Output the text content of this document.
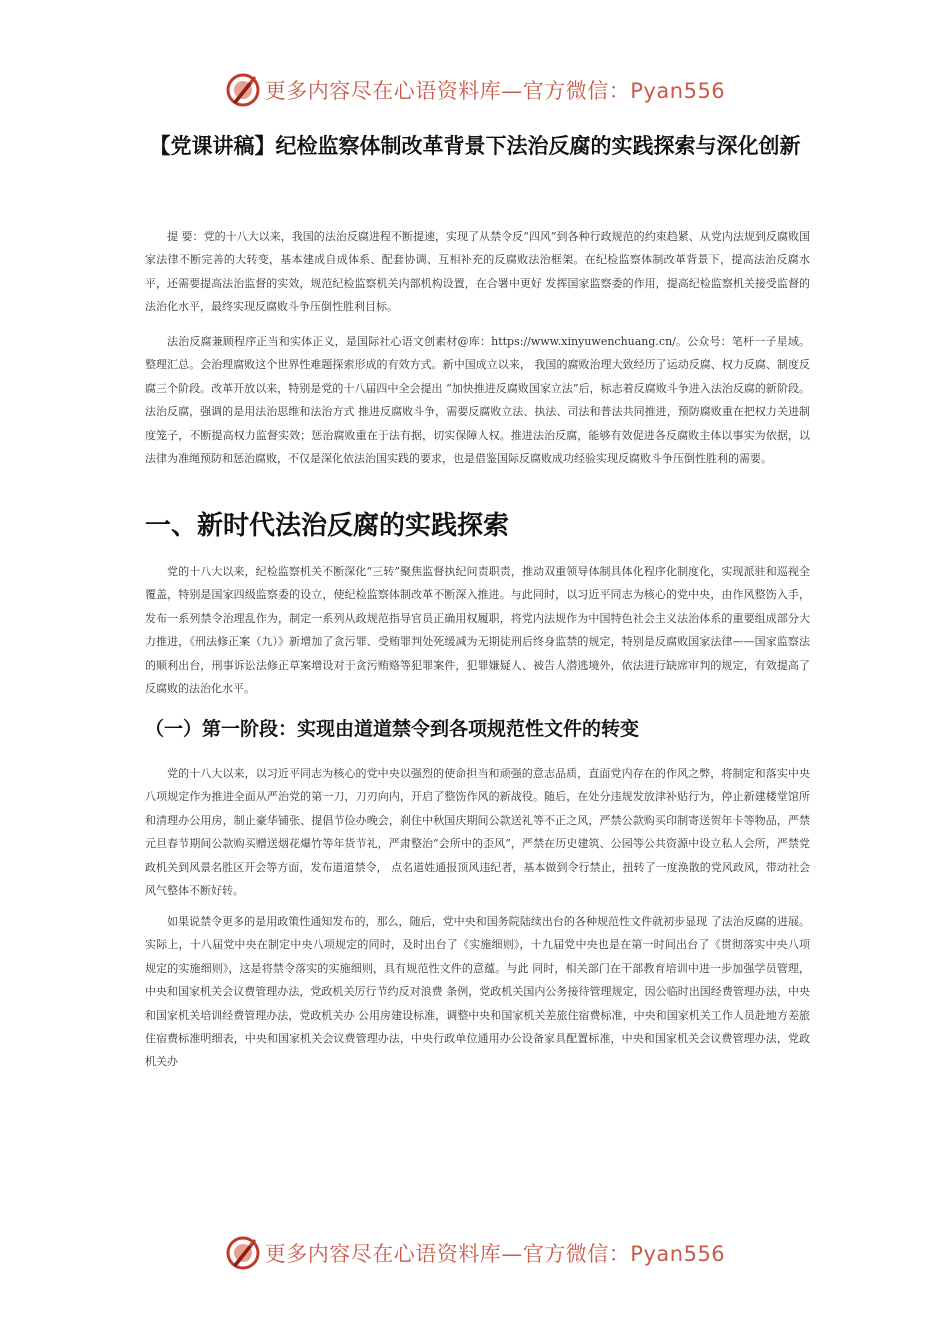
更多内容尽在心语资料库—官方微信：Pyan556
【党课讲稿】纪检监察体制改革背景下法治反腐的实践探索与深化创新

提 要：党的十八大以来，我国的法治反腐进程不断提速，实现了从禁令反“四风”到各种行政规范的约束趋紧、从党内法规到反腐败国家法律不断完善的大转变，基本建成自成体系、配套协调、互相补充的反腐败法治框架。在纪检监察体制改革背景下，提高法治反腐水平，还需要提高法治监督的实效，规范纪检监察机关内部机构设置，在合署中更好 发挥国家监察委的作用，提高纪检监察机关接受监督的法治化水平，最终实现反腐败斗争压倒性胜利目标。

法治反腐兼顾程序正当和实体正义，是国际社心语文创素材@库：https://www.xinyuwenchuang.cn/。公众号：笔杆一子星域。整理汇总。会治理腐败这个世界性难题探索形成的有效方式。新中国成立以来， 我国的腐败治理大致经历了运动反腐、权力反腐、制度反腐三个阶段。改革开放以来，特别是党的十八届四中全会提出 “加快推进反腐败国家立法”后，标志着反腐败斗争进入法治反腐的新阶段。法治反腐，强调的是用法治思维和法治方式 推进反腐败斗争，需要反腐败立法、执法、司法和普法共同推进，预防腐败重在把权力关进制度笼子，不断提高权力监督实效；惩治腐败重在于法有据，切实保障人权。推进法治反腐，能够有效促进各反腐败主体以事实为依据，以法律为准绳预防和惩治腐败，不仅是深化依法治国实践的要求，也是借鉴国际反腐败成功经验实现反腐败斗争压倒性胜利的需要。

一、新时代法治反腐的实践探索

党的十八大以来，纪检监察机关不断深化“三转”聚焦监督执纪问责职责，推动双重领导体制具体化程序化制度化，实现派驻和巡视全覆盖，特别是国家四级监察委的设立，使纪检监察体制改革不断深入推进。与此同时，以习近平同志为核心的党中央，由作风整饬入手，发布一系列禁令治理乱作为，制定一系列从政规范指导官员正确用权履职，将党内法规作为中国特色社会主义法治体系的重要组成部分大力推进，《刑法修正案（九）》新增加了贪污罪、受贿罪判处死缓减为无期徒刑后终身监禁的规定，特别是反腐败国家法律——国家监察法的顺利出台，刑事诉讼法修正草案增设对于贪污贿赂等犯罪案件，犯罪嫌疑人、被告人潜逃境外，依法进行缺席审判的规定，有效提高了反腐败的法治化水平。

（一）第一阶段：实现由道道禁令到各项规范性文件的转变

党的十八大以来，以习近平同志为核心的党中央以强烈的使命担当和顽强的意志品质，直面党内存在的作风之弊，将制定和落实中央八项规定作为推进全面从严治党的第一刀，刀刃向内，开启了整饬作风的新战役。随后，在处分违规发放津补贴行为，停止新建楼堂馆所和清理办公用房，制止豪华铺张、提倡节俭办晚会，刹住中秋国庆期间公款送礼等不正之风，严禁公款购买印制寄送贺年卡等物品，严禁元旦春节期间公款购买赠送烟花爆竹等年货节礼，严肃整治“会所中的歪风”，严禁在历史建筑、公园等公共资源中设立私人会所，严禁党政机关到风景名胜区开会等方面，发布道道禁令， 点名道姓通报顶风违纪者，基本做到令行禁止，扭转了一度涣散的党风政风，带动社会风气整体不断好转。

如果说禁令更多的是用政策性通知发布的，那么，随后，党中央和国务院陆续出台的各种规范性文件就初步显现 了法治反腐的进展。实际上，十八届党中央在制定中央八项规定的同时，及时出台了《实施细则》，十九届党中央也是在第一时间出台了《贯彻落实中央八项规定的实施细则》，这是将禁令落实的实施细则，具有规范性文件的意蕴。与此 同时，相关部门在干部教育培训中进一步加强学员管理，中央和国家机关会议费管理办法，党政机关厉行节约反对浪费 条例，党政机关国内公务接待管理规定，因公临时出国经费管理办法，中央和国家机关培训经费管理办法，党政机关办 公用房建设标准，调整中央和国家机关差旅住宿费标准，中央和国家机关工作人员赴地方差旅住宿费标准明细表，中央和国家机关会议费管理办法，中央行政单位通用办公设备家具配置标准，中央和国家机关会议费管理办法，党政机关办

更多内容尽在心语资料库—官方微信：Pyan556
